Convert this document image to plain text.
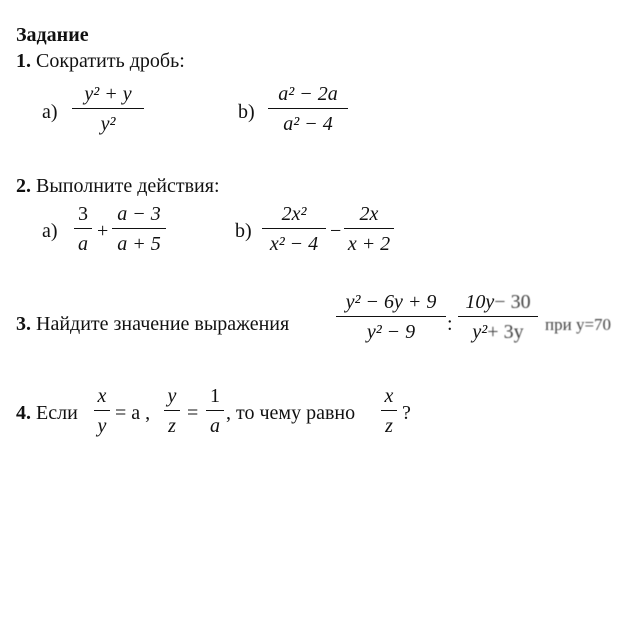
Задание
1. Сократить дробь:
a)
y² + y
y²
b)
a² − 2a
a² − 4
2. Выполните действия:
a)
3
a
+
a − 3
a + 5
b)
2x²
x² − 4
−
2x
x + 2
3. Найдите значение выражения
y² − 6y + 9
y² − 9 :
10y− 30
y²+ 3y при y=70
4. Если
x
y
= a ,
y
z
=
1
a
, то чему равно
x
z
?
